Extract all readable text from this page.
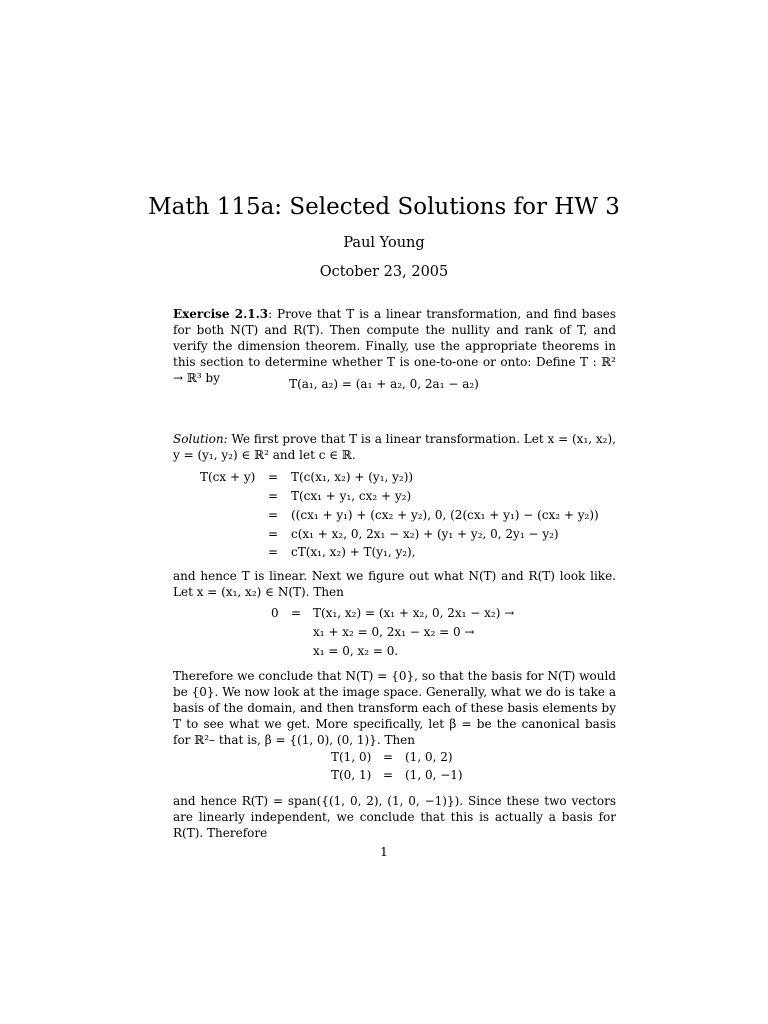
Math 115a: Selected Solutions for HW 3
Paul Young
October 23, 2005

Exercise 2.1.3: Prove that T is a linear transformation, and find bases for both N(T) and R(T). Then compute the nullity and rank of T, and verify the dimension theorem. Finally, use the appropriate theorems in this section to determine whether T is one-to-one or onto: Define T : ℝ² → ℝ³ by	T(a₁, a₂) = (a₁ + a₂, 0, 2a₁ − a₂)

Solution: We first prove that T is a linear transformation. Let x = (x₁, x₂), y = (y₁, y₂) ∈ ℝ² and let c ∈ ℝ.

T(cx + y) = T(c(x₁, x₂) + (y₁, y₂))
= T(cx₁ + y₁, cx₂ + y₂)
= ((cx₁ + y₁) + (cx₂ + y₂), 0, (2(cx₁ + y₁) − (cx₂ + y₂))
= c(x₁ + x₂, 0, 2x₁ − x₂) + (y₁ + y₂, 0, 2y₁ − y₂)
= cT(x₁, x₂) + T(y₁, y₂),

and hence T is linear. Next we figure out what N(T) and R(T) look like. Let x = (x₁, x₂) ∈ N(T). Then

0 = T(x₁, x₂) = (x₁ + x₂, 0, 2x₁ − x₂) →
x₁ + x₂ = 0, 2x₁ − x₂ = 0 →
x₁ = 0, x₂ = 0.

Therefore we conclude that N(T) = {0}, so that the basis for N(T) would be {0}. We now look at the image space. Generally, what we do is take a basis of the domain, and then transform each of these basis elements by T to see what we get. More specifically, let β = be the canonical basis for ℝ²– that is, β = {(1, 0), (0, 1)}. Then

T(1, 0) = (1, 0, 2)
T(0, 1) = (1, 0, −1)

and hence R(T) = span({(1, 0, 2), (1, 0, −1)}). Since these two vectors are linearly independent, we conclude that this is actually a basis for R(T). Therefore

1
